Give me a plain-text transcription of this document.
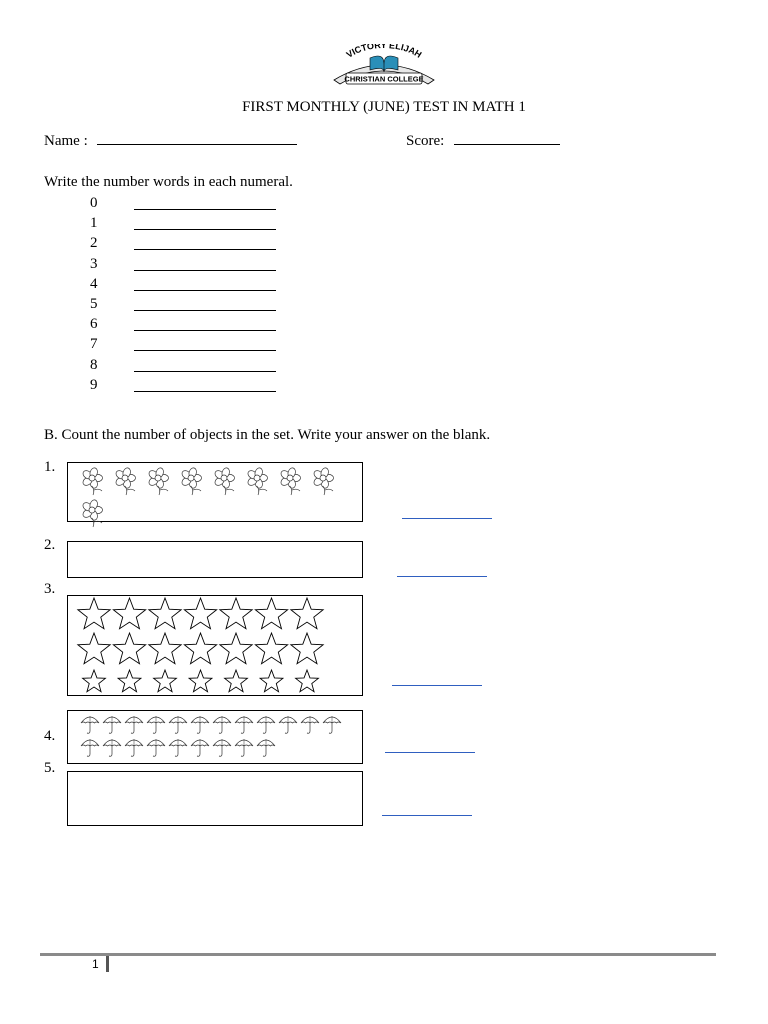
VICTORY ELIJAH
CHRISTIAN COLLEGE
FIRST MONTHLY (JUNE) TEST IN MATH 1
Name :	Score:
Write the number words in each numeral.
0
1
2
3
4
5
6
7
8
9
B. Count the number of objects in the set. Write your answer on the blank.
1.
2.
3.
4.
5.
1
